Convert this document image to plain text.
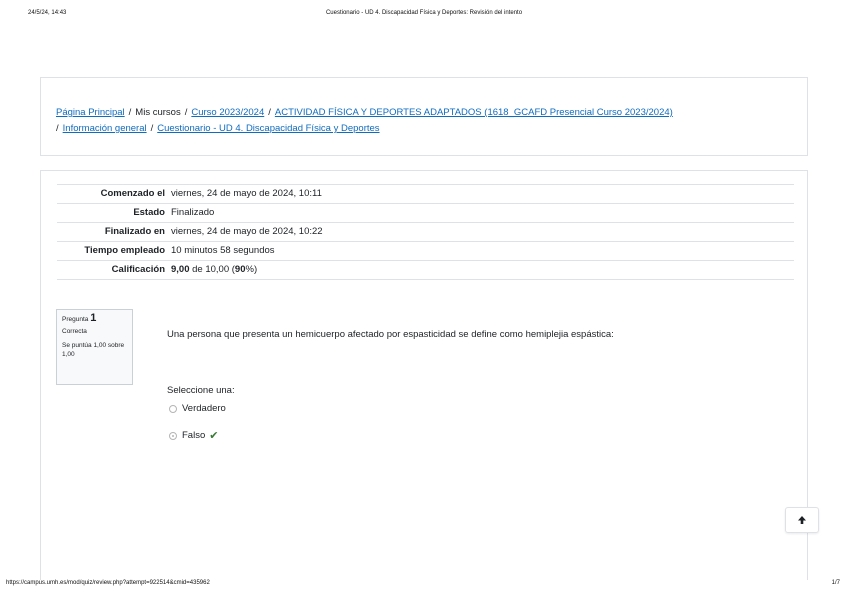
24/5/24, 14:43	Cuestionario - UD 4. Discapacidad Física y Deportes: Revisión del intento
Página Principal / Mis cursos / Curso 2023/2024 / ACTIVIDAD FÍSICA Y DEPORTES ADAPTADOS (1618_GCAFD Presencial Curso 2023/2024)
/ Información general / Cuestionario - UD 4. Discapacidad Física y Deportes
Comenzado el	viernes, 24 de mayo de 2024, 10:11
Estado	Finalizado
Finalizado en	viernes, 24 de mayo de 2024, 10:22
Tiempo empleado	10 minutos 58 segundos
Calificación	9,00 de 10,00 (90%)
Pregunta 1
Correcta
Se puntúa 1,00 sobre 1,00
Una persona que presenta un hemicuerpo afectado por espasticidad se define como hemiplejia espástica:
Seleccione una:
Verdadero
Falso ✔
https://campus.umh.es/mod/quiz/review.php?attempt=922514&cmid=435962	1/7
